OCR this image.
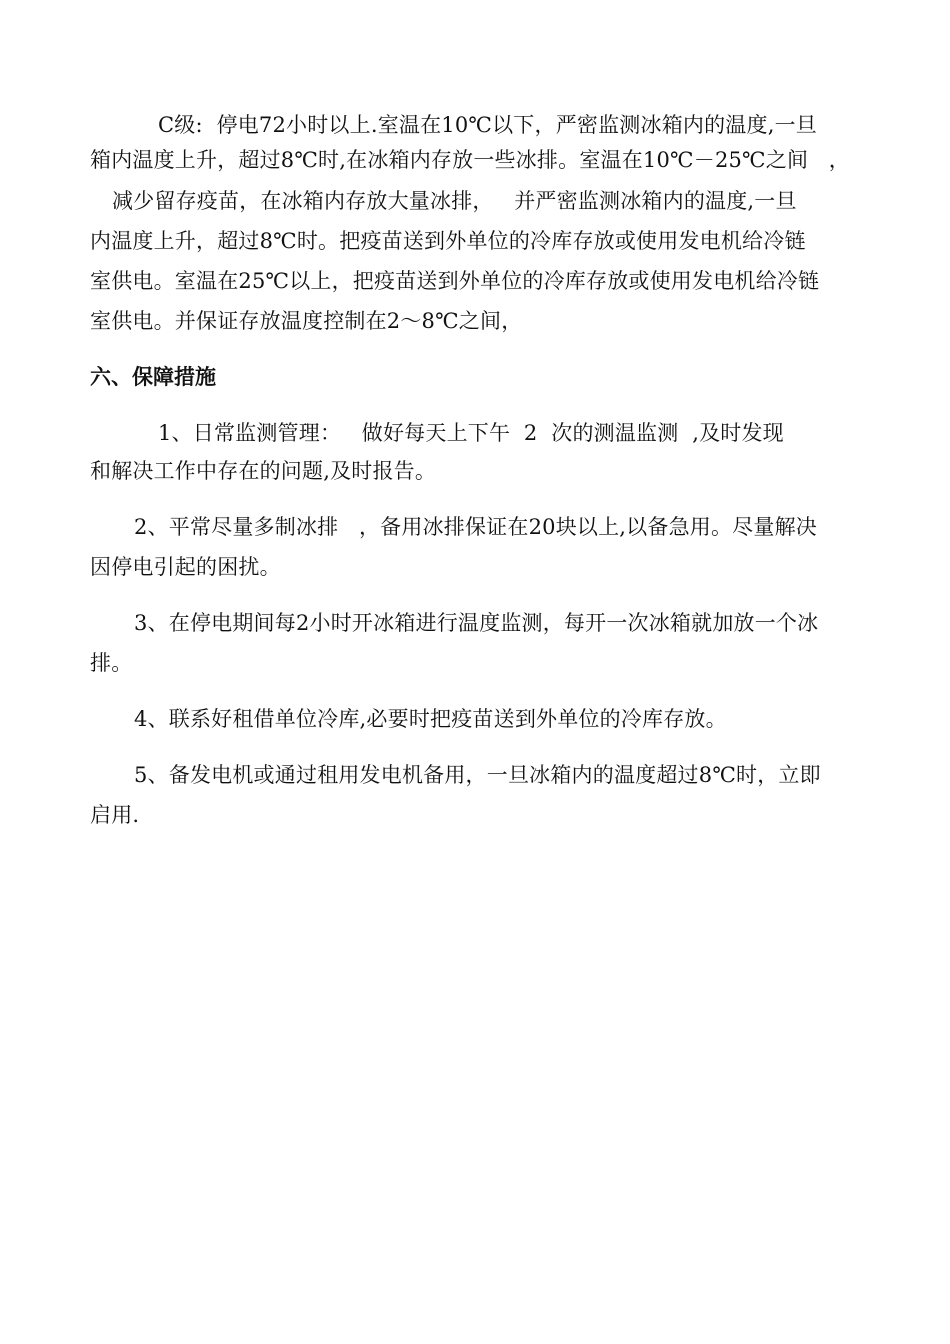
C级:  停电72小时以上.室温在10℃以下，严密监测冰箱内的温度,一旦
箱内温度上升，超过8℃时,在冰箱内存放一些冰排。室温在10℃－25℃之间   ，
减少留存疫苗，在冰箱内存放大量冰排，   并严密监测冰箱内的温度,一旦
内温度上升，超过8℃时。把疫苗送到外单位的冷库存放或使用发电机给冷链
室供电。室温在25℃以上，把疫苗送到外单位的冷库存放或使用发电机给冷链
室供电。并保证存放温度控制在2～8℃之间，
六、保障措施
1、日常监测管理：   做好每天上下午  2  次的测温监测  ,及时发现
和解决工作中存在的问题,及时报告。
2、平常尽量多制冰排   ，备用冰排保证在20块以上,以备急用。尽量解决
因停电引起的困扰。
3、在停电期间每2小时开冰箱进行温度监测，每开一次冰箱就加放一个冰
排。
4、联系好租借单位冷库,必要时把疫苗送到外单位的冷库存放。
5、备发电机或通过租用发电机备用，一旦冰箱内的温度超过8℃时，立即
启用.
